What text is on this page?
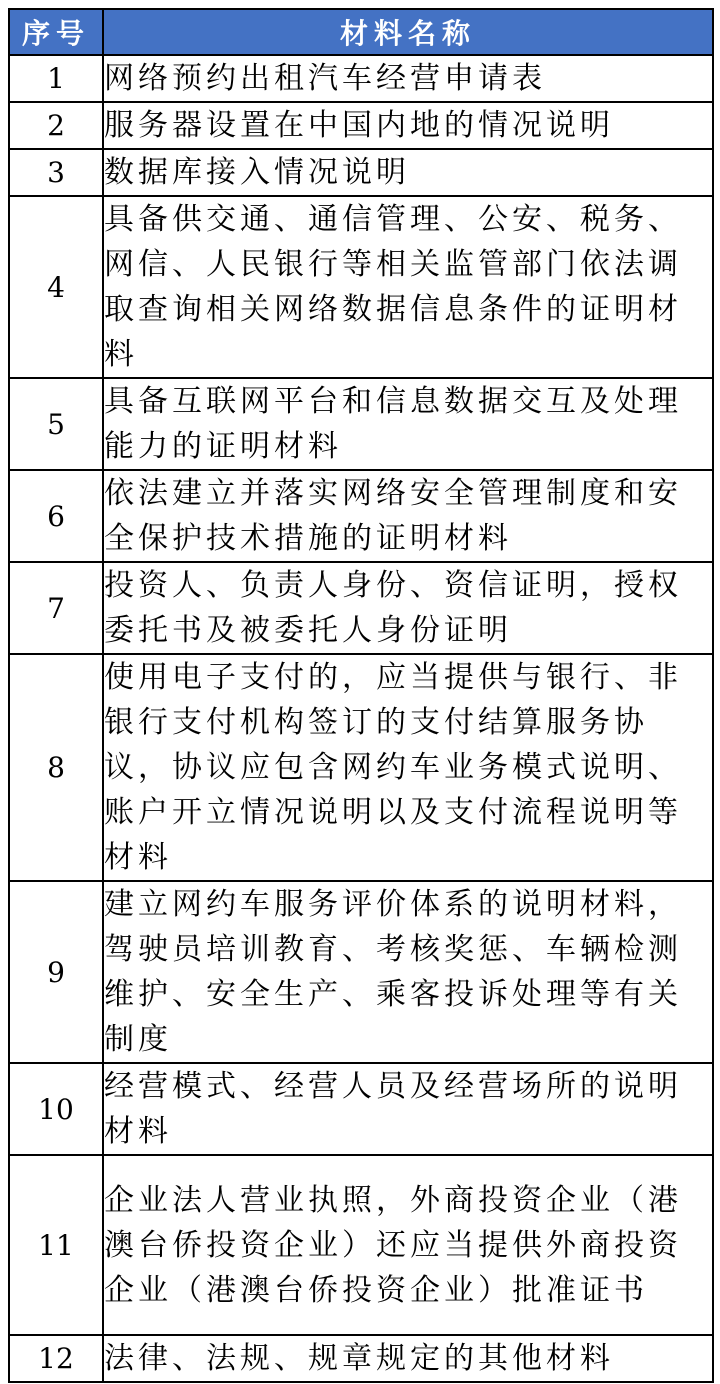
序号	材料名称
1	网络预约出租汽车经营申请表
2	服务器设置在中国内地的情况说明
3	数据库接入情况说明
4	具备供交通、通信管理、公安、税务、网信、人民银行等相关监管部门依法调取查询相关网络数据信息条件的证明材料
5	具备互联网平台和信息数据交互及处理能力的证明材料
6	依法建立并落实网络安全管理制度和安全保护技术措施的证明材料
7	投资人、负责人身份、资信证明，授权委托书及被委托人身份证明
8	使用电子支付的，应当提供与银行、非银行支付机构签订的支付结算服务协议，协议应包含网约车业务模式说明、账户开立情况说明以及支付流程说明等材料
9	建立网约车服务评价体系的说明材料，驾驶员培训教育、考核奖惩、车辆检测维护、安全生产、乘客投诉处理等有关制度
10	经营模式、经营人员及经营场所的说明材料
11	企业法人营业执照，外商投资企业（港澳台侨投资企业）还应当提供外商投资企业（港澳台侨投资企业）批准证书
12	法律、法规、规章规定的其他材料
